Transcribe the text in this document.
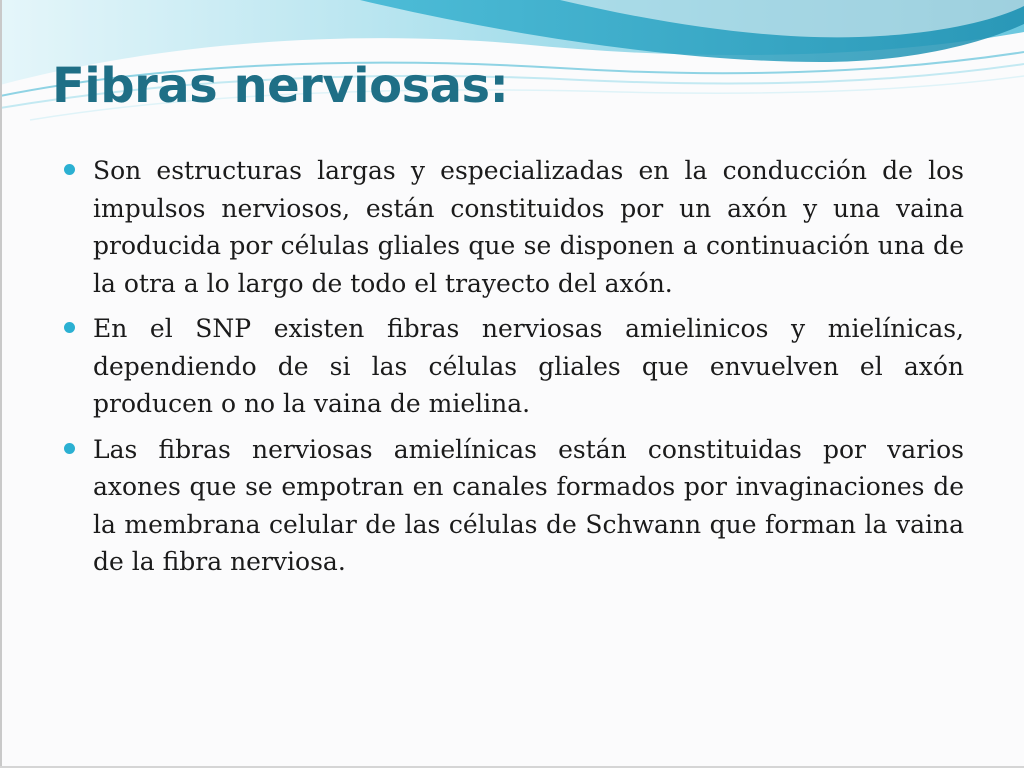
Fibras nerviosas:
Son estructuras largas y especializadas en la conducción de los impulsos nerviosos, están constituidos por un axón y una vaina producida por células gliales que se disponen a continuación una de la otra a lo largo de todo el trayecto del axón.
En el SNP existen fibras nerviosas amielinicos y mielínicas, dependiendo de si las células gliales que envuelven el axón producen o no la vaina de mielina.
Las fibras nerviosas amielínicas están constituidas por varios axones que se empotran en canales formados por invaginaciones de la membrana celular de las células de Schwann que forman la vaina de la fibra nerviosa.
